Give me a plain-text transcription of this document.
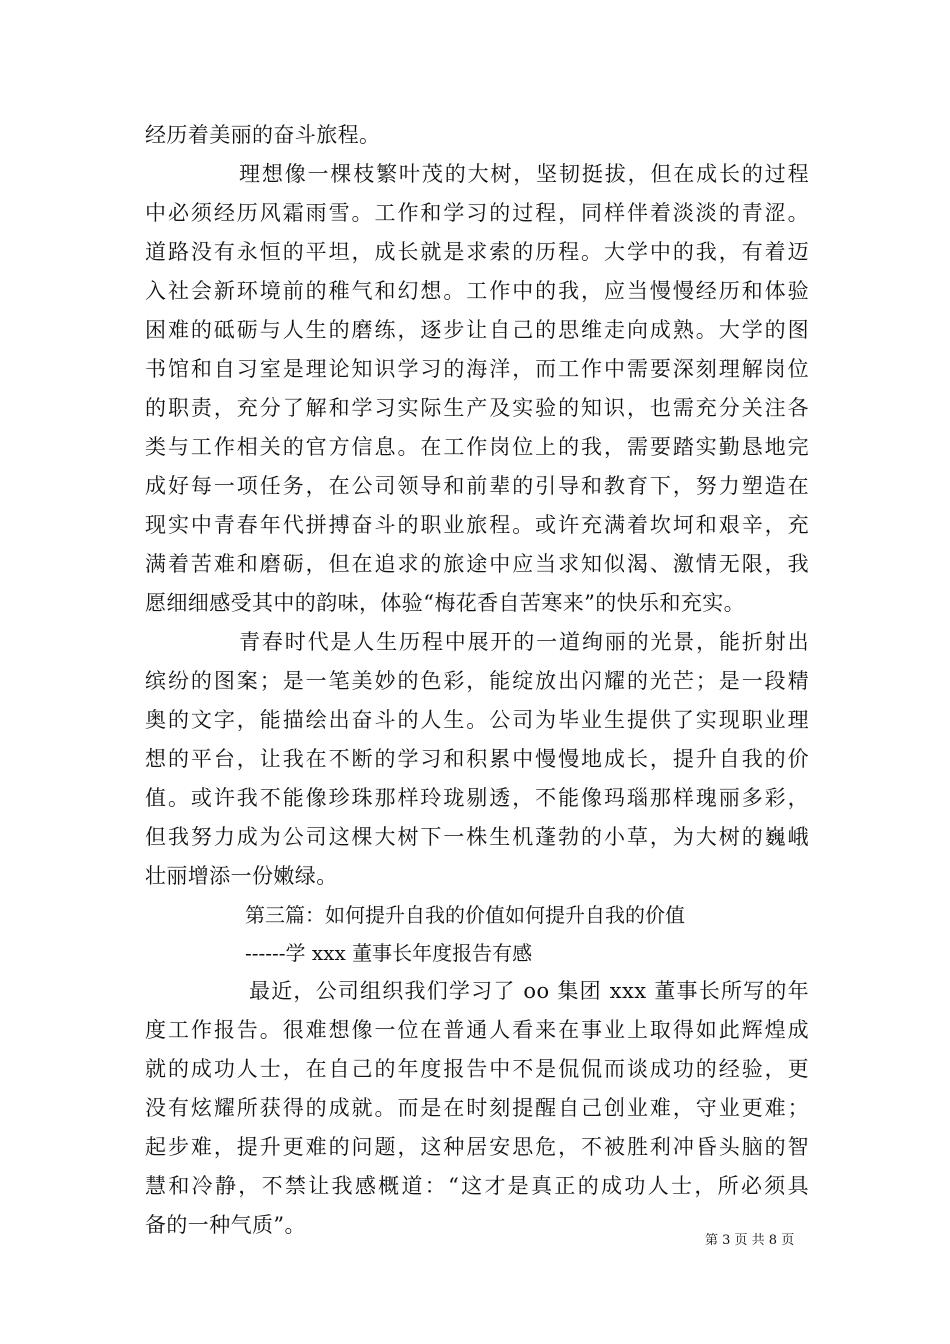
经历着美丽的奋斗旅程。
理想像一棵枝繁叶茂的大树，坚韧挺拔，但在成长的过程
中必须经历风霜雨雪。工作和学习的过程，同样伴着淡淡的青涩。
道路没有永恒的平坦，成长就是求索的历程。大学中的我，有着迈
入社会新环境前的稚气和幻想。工作中的我，应当慢慢经历和体验
困难的砥砺与人生的磨练，逐步让自己的思维走向成熟。大学的图
书馆和自习室是理论知识学习的海洋，而工作中需要深刻理解岗位
的职责，充分了解和学习实际生产及实验的知识，也需充分关注各
类与工作相关的官方信息。在工作岗位上的我，需要踏实勤恳地完
成好每一项任务，在公司领导和前辈的引导和教育下，努力塑造在
现实中青春年代拼搏奋斗的职业旅程。或许充满着坎坷和艰辛，充
满着苦难和磨砺，但在追求的旅途中应当求知似渴、激情无限，我
愿细细感受其中的韵味，体验“梅花香自苦寒来”的快乐和充实。
青春时代是人生历程中展开的一道绚丽的光景，能折射出
缤纷的图案；是一笔美妙的色彩，能绽放出闪耀的光芒；是一段精
奥的文字，能描绘出奋斗的人生。公司为毕业生提供了实现职业理
想的平台，让我在不断的学习和积累中慢慢地成长，提升自我的价
值。或许我不能像珍珠那样玲珑剔透，不能像玛瑙那样瑰丽多彩，
但我努力成为公司这棵大树下一株生机蓬勃的小草，为大树的巍峨
壮丽增添一份嫩绿。
第三篇：如何提升自我的价值如何提升自我的价值
------学 xxx 董事长年度报告有感
最近，公司组织我们学习了 oo 集团 xxx 董事长所写的年
度工作报告。很难想像一位在普通人看来在事业上取得如此辉煌成
就的成功人士，在自己的年度报告中不是侃侃而谈成功的经验，更
没有炫耀所获得的成就。而是在时刻提醒自己创业难，守业更难；
起步难，提升更难的问题，这种居安思危，不被胜利冲昏头脑的智
慧和冷静，不禁让我感概道：“这才是真正的成功人士，所必须具
备的一种气质”。
第 3 页 共 8 页
